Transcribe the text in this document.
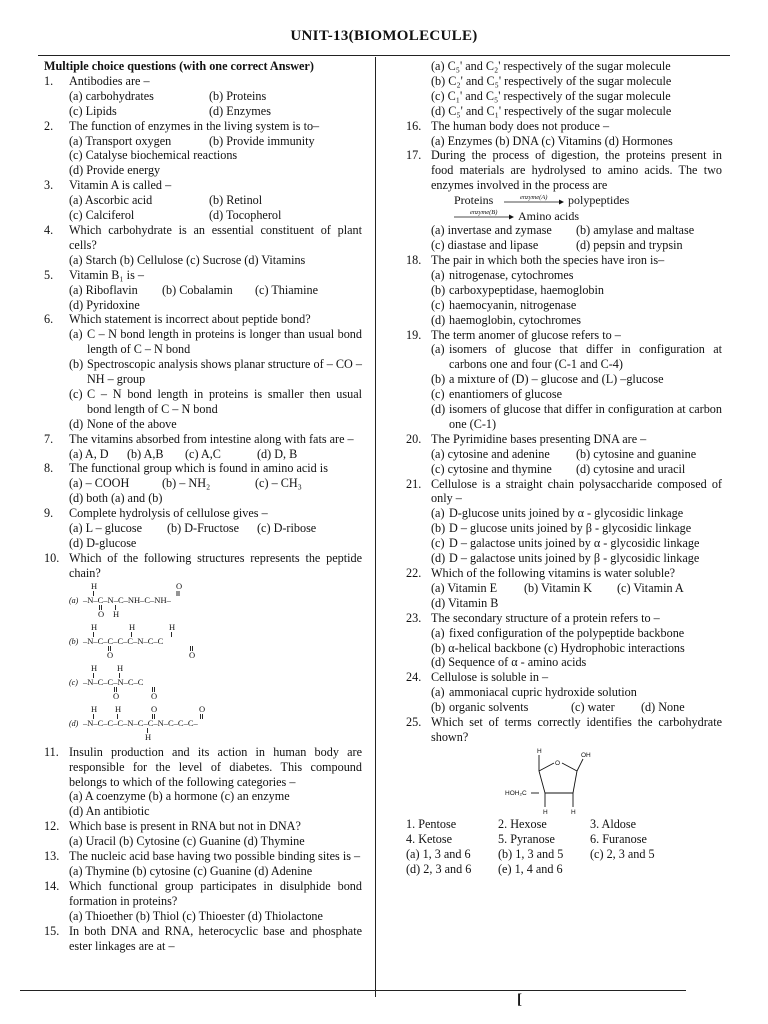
UNIT-13(BIOMOLECULE)
Multiple choice questions (with one correct Answer)
1.	Antibodies are –
(a) carbohydrates	(b) Proteins
(c) Lipids	(d) Enzymes
2.	The function of enzymes in the living system is to–
(a) Transport oxygen	(b) Provide immunity
(c) Catalyse biochemical reactions
(d) Provide energy
3.	Vitamin A is called –
(a) Ascorbic acid	(b) Retinol
(c) Calciferol	(d) Tocopherol
4.	Which carbohydrate is an essential constituent of plant cells?
(a) Starch (b) Cellulose (c) Sucrose (d) Vitamins
5.	Vitamin B₁ is –
(a) Riboflavin	(b) Cobalamin	(c) Thiamine
(d) Pyridoxine
6.	Which statement is incorrect about peptide bond?
(a) C – N bond length in proteins is longer than usual bond length of C – N bond
(b) Spectroscopic analysis shows planar structure of – CO – NH – group
(c) C – N bond length in proteins is smaller then usual bond length of C – N bond
(d) None of the above
7.	The vitamins absorbed from intestine along with fats are –
(a) A, D	(b) A,B	(c) A,C	(d) D, B
8.	The functional group which is found in amino acid is
(a) – COOH	(b) – NH₂	(c) – CH₃
(d) both (a) and (b)
9.	Complete hydrolysis of cellulose gives –
(a) L – glucose	(b) D-Fructose	(c) D-ribose
(d) D-glucose
10. Which of the following structures represents the peptide chain?
(a)
H	O
–N–C–N–C–NH–C–NH–
O H
(b)
H	H	H
–N–C–C–C–C–N–C–C
O	O
(c)
H H
–N–C–C–N–C–C
O	O
(d)
H H	O	O
–N–C–C–C–N–C–C–N–C–C–C–
H
11. Insulin production and its action in human body are responsible for the level of diabetes. This compound belongs to which of the following categories –
(a) A coenzyme (b) a hormone (c) an enzyme
(d) An antibiotic
12. Which base is present in RNA but not in DNA?
(a) Uracil (b) Cytosine (c) Guanine (d) Thymine
13. The nucleic acid base having two possible binding sites is –
(a) Thymine (b) cytosine (c) Guanine (d) Adenine
14. Which functional group participates in disulphide bond formation in proteins?
(a) Thioether (b) Thiol (c) Thioester (d) Thiolactone
15. In both DNA and RNA, heterocyclic base and phosphate ester linkages are at –
(a) C₅' and C₂' respectively of the sugar molecule
(b) C₂' and C₅' respectively of the sugar molecule
(c) C₁' and C₅' respectively of the sugar molecule
(d) C₅' and C₁' respectively of the sugar molecule
16. The human body does not produce –
(a) Enzymes (b) DNA (c) Vitamins (d) Hormones
17. During the process of digestion, the proteins present in food materials are hydrolysed to amino acids. The two enzymes involved in the process are
Proteins	enzyme(A) polypeptides
enzyme(B) Amino acids
(a) invertase and zymase	(b) amylase and maltase
(c) diastase and lipase	(d) pepsin and trypsin
18. The pair in which both the species have iron is–
(a) nitrogenase, cytochromes
(b) carboxypeptidase, haemoglobin
(c) haemocyanin, nitrogenase
(d) haemoglobin, cytochromes
19. The term anomer of glucose refers to –
(a) isomers of glucose that differ in configuration at carbons one and four (C-1 and C-4)
(b) a mixture of (D) – glucose and (L) –glucose
(c) enantiomers of glucose
(d) isomers of glucose that differ in configuration at carbon one (C-1)
20. The Pyrimidine bases presenting DNA are –
(a) cytosine and adenine	(b) cytosine and guanine
(c) cytosine and thymine	(d) cytosine and uracil
21. Cellulose is a straight chain polysaccharide composed of only –
(a) D-glucose units joined by α - glycosidic linkage
(b) D – glucose units joined by β - glycosidic linkage
(c) D – galactose units joined by α - glycosidic linkage
(d) D – galactose units joined by β - glycosidic linkage
22. Which of the following vitamins is water soluble?
(a) Vitamin E	(b) Vitamin K	(c) Vitamin A
(d) Vitamin B
23. The secondary structure of a protein refers to –
(a) fixed configuration of the polypeptide backbone
(b) α-helical backbone (c) Hydrophobic interactions
(d) Sequence of α - amino acids
24. Cellulose is soluble in –
(a) ammoniacal cupric hydroxide solution
(b) organic solvents	(c) water	(d) None
25. Which set of terms correctly identifies the carbohydrate shown?
H
O
OH
HOH₂C
H	H
1. Pentose	2. Hexose	3. Aldose
4. Ketose	5. Pyranose	6. Furanose
(a) 1, 3 and 6	(b) 1, 3 and 5	(c) 2, 3 and 5
(d) 2, 3 and 6	(e) 1, 4 and 6
[
